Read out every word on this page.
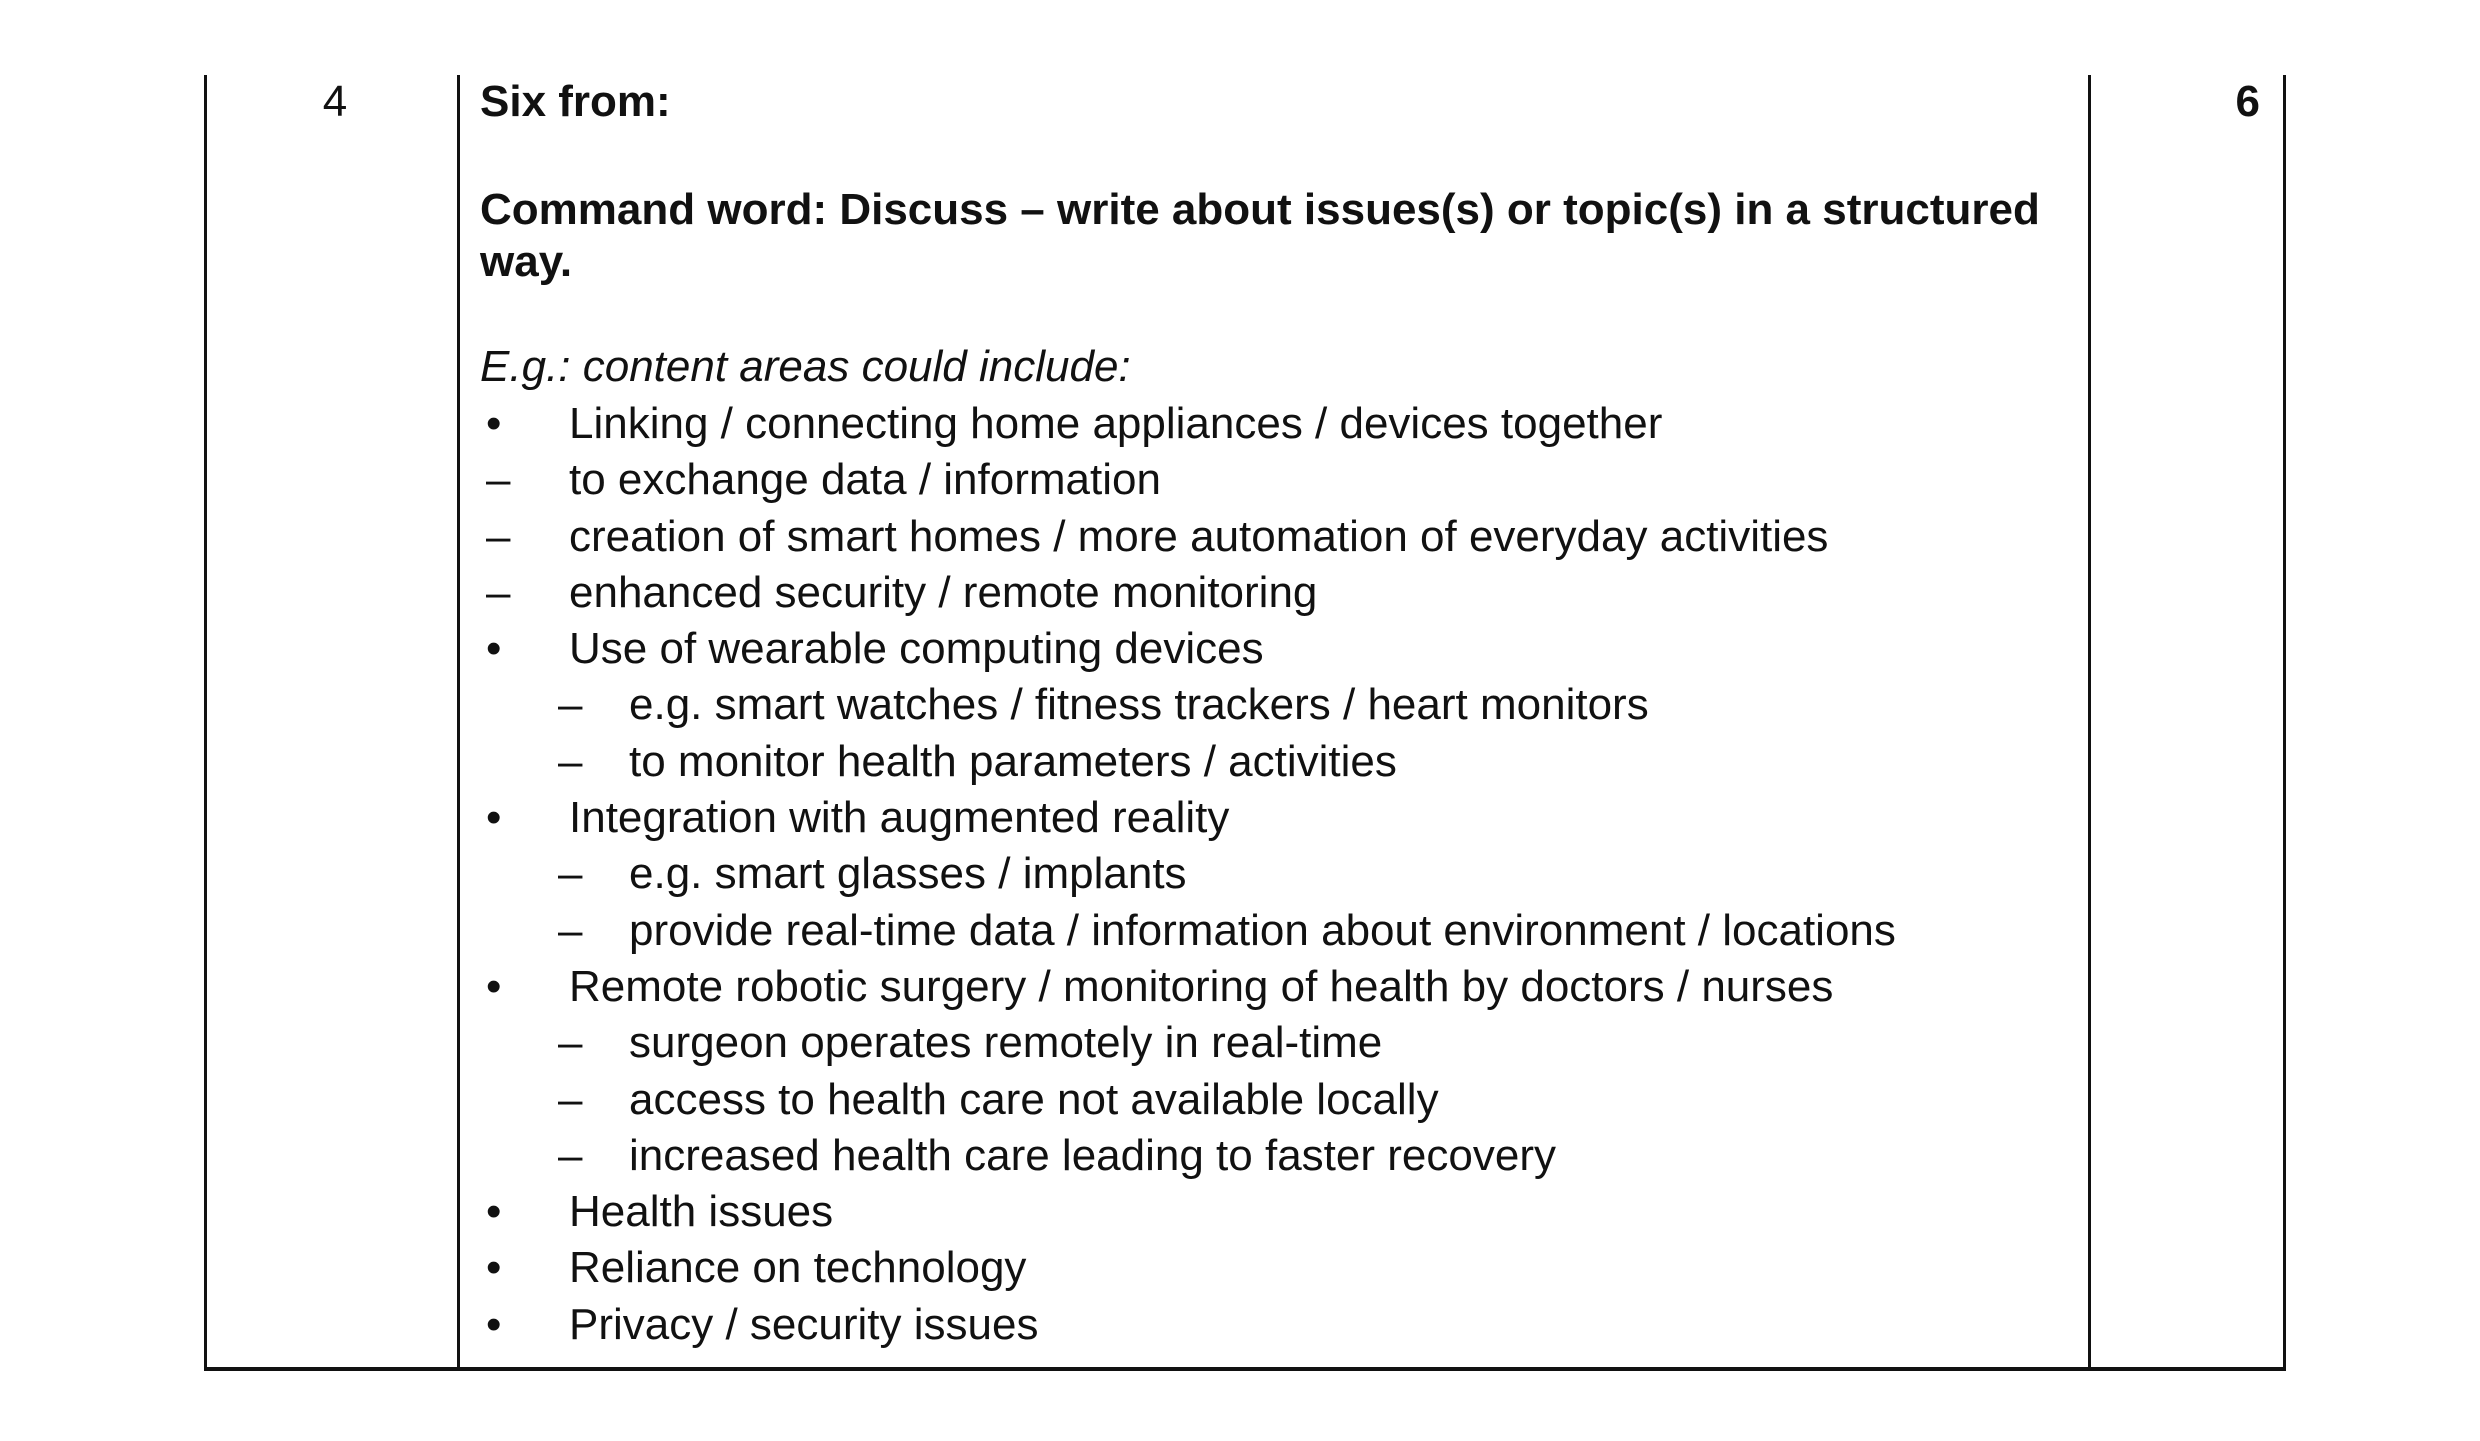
4	Six from:

Command word: Discuss – write about issues(s) or topic(s) in a structured way.

E.g.: content areas could include:

• Linking / connecting home appliances / devices together
– to exchange data / information
– creation of smart homes / more automation of everyday activities
– enhanced security / remote monitoring
• Use of wearable computing devices
– e.g. smart watches / fitness trackers / heart monitors
– to monitor health parameters / activities
• Integration with augmented reality
– e.g. smart glasses / implants
– provide real-time data / information about environment / locations
• Remote robotic surgery / monitoring of health by doctors / nurses
– surgeon operates remotely in real-time
– access to health care not available locally
– increased health care leading to faster recovery
• Health issues
• Reliance on technology
• Privacy / security issues
6
